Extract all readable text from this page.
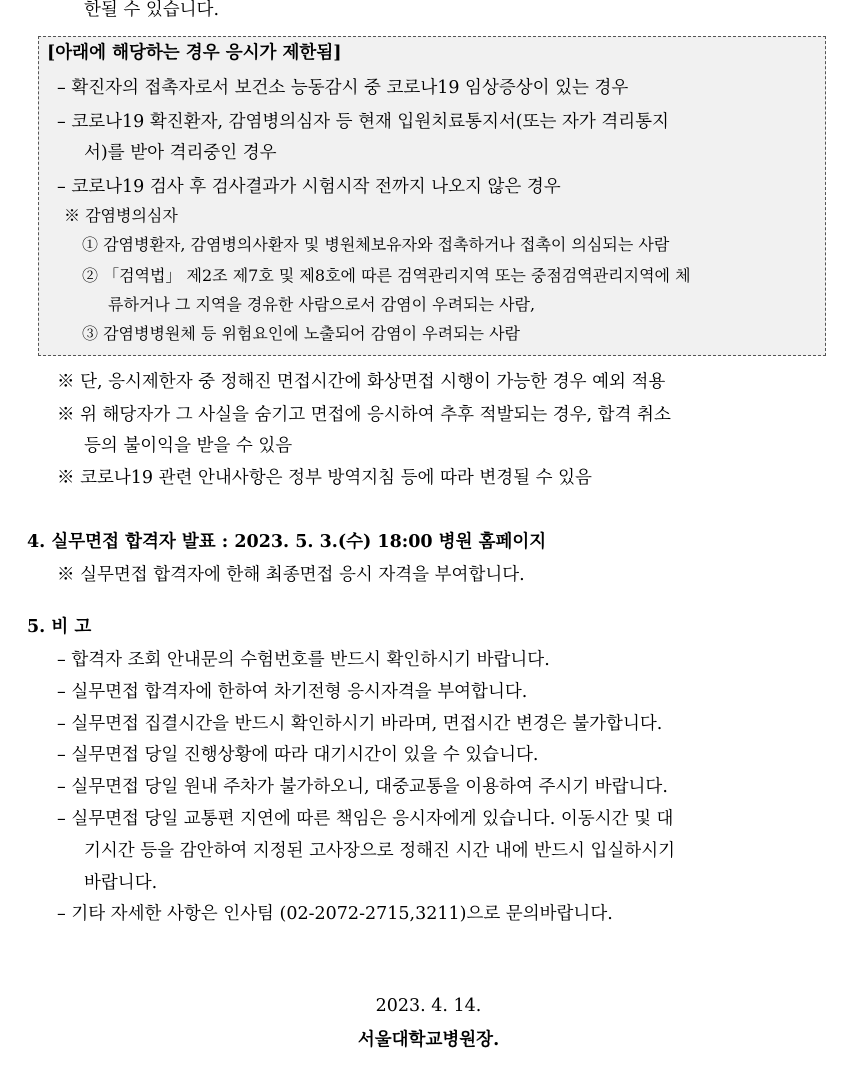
한될 수 있습니다.
[아래에 해당하는 경우 응시가 제한됨]
– 확진자의 접촉자로서 보건소 능동감시 중 코로나19 임상증상이 있는 경우
– 코로나19 확진환자, 감염병의심자 등 현재 입원치료통지서(또는 자가 격리통지
서)를 받아 격리중인 경우
– 코로나19 검사 후 검사결과가 시험시작 전까지 나오지 않은 경우
※ 감염병의심자
① 감염병환자, 감염병의사환자 및 병원체보유자와 접촉하거나 접촉이 의심되는 사람
② 「검역법」 제2조 제7호 및 제8호에 따른 검역관리지역 또는 중점검역관리지역에 체
류하거나 그 지역을 경유한 사람으로서 감염이 우려되는 사람,
③ 감염병병원체 등 위험요인에 노출되어 감염이 우려되는 사람
※ 단, 응시제한자 중 정해진 면접시간에 화상면접 시행이 가능한 경우 예외 적용
※ 위 해당자가 그 사실을 숨기고 면접에 응시하여 추후 적발되는 경우, 합격 취소
등의 불이익을 받을 수 있음
※ 코로나19 관련 안내사항은 정부 방역지침 등에 따라 변경될 수 있음
4. 실무면접 합격자 발표 : 2023. 5. 3.(수) 18:00 병원 홈페이지
※ 실무면접 합격자에 한해 최종면접 응시 자격을 부여합니다.
5. 비 고
– 합격자 조회 안내문의 수험번호를 반드시 확인하시기 바랍니다.
– 실무면접 합격자에 한하여 차기전형 응시자격을 부여합니다.
– 실무면접 집결시간을 반드시 확인하시기 바라며, 면접시간 변경은 불가합니다.
– 실무면접 당일 진행상황에 따라 대기시간이 있을 수 있습니다.
– 실무면접 당일 원내 주차가 불가하오니, 대중교통을 이용하여 주시기 바랍니다.
– 실무면접 당일 교통편 지연에 따른 책임은 응시자에게 있습니다. 이동시간 및 대
기시간 등을 감안하여 지정된 고사장으로 정해진 시간 내에 반드시 입실하시기
바랍니다.
– 기타 자세한 사항은 인사팀 (02-2072-2715,3211)으로 문의바랍니다.
2023. 4. 14.
서울대학교병원장.
